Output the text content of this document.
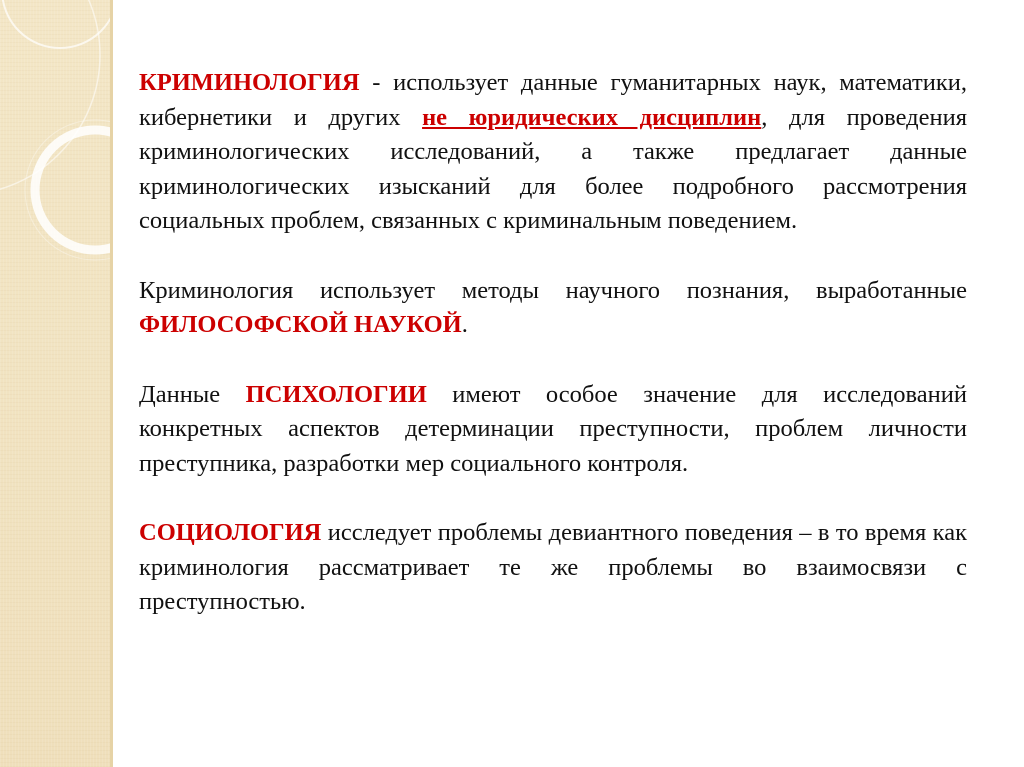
КРИМИНОЛОГИЯ - использует данные гуманитарных наук, математики, кибернетики и других не юридических дисциплин, для проведения криминологических исследований, а также предлагает данные криминологических изысканий для более подробного рассмотрения социальных проблем, связанных с криминальным поведением.

Криминология использует методы научного познания, выработанные ФИЛОСОФСКОЙ НАУКОЙ.

Данные ПСИХОЛОГИИ имеют особое значение для исследований конкретных аспектов детерминации преступности, проблем личности преступника, разработки мер социального контроля.

СОЦИОЛОГИЯ исследует проблемы девиантного поведения – в то время как криминология рассматривает те же проблемы во взаимосвязи с преступностью.
